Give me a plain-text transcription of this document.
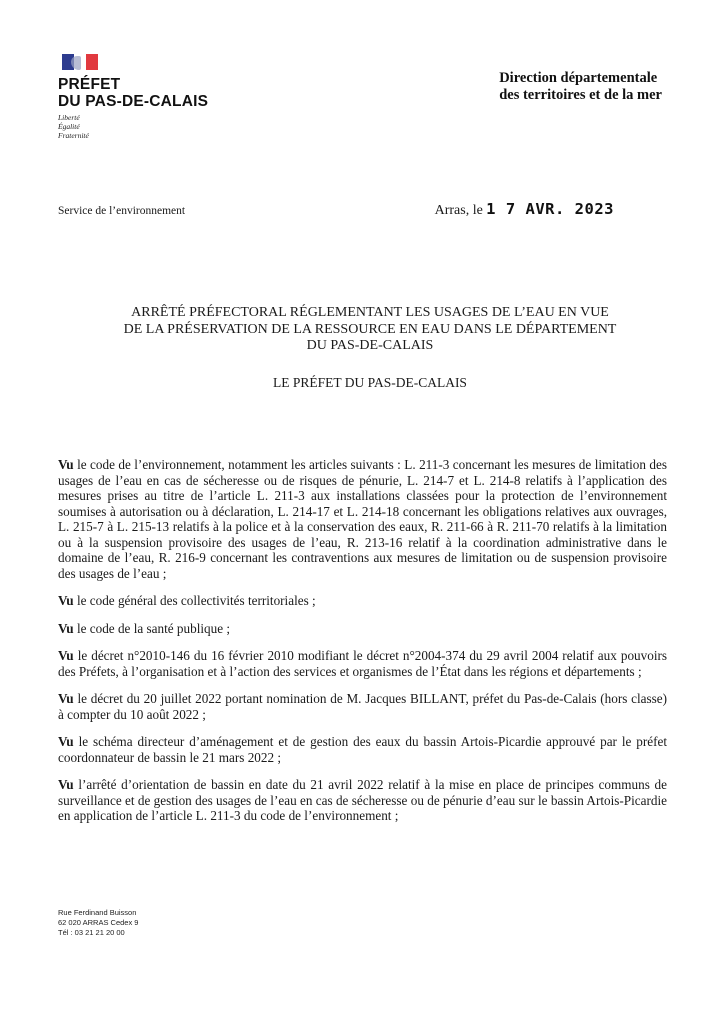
PRÉFET
DU PAS-DE-CALAIS
Liberté
Égalité
Fraternité
Direction départementale
des territoires et de la mer
Service de l’environnement	Arras, le 1 7 AVR. 2023
ARRÊTÉ PRÉFECTORAL RÉGLEMENTANT LES USAGES DE L’EAU EN VUE
DE LA PRÉSERVATION DE LA RESSOURCE EN EAU DANS LE DÉPARTEMENT
DU PAS-DE-CALAIS
LE PRÉFET DU PAS-DE-CALAIS

Vu le code de l’environnement, notamment les articles suivants : L. 211-3 concernant les mesures de limitation des usages de l’eau en cas de sécheresse ou de risques de pénurie, L. 214-7 et L. 214-8 relatifs à l’application des mesures prises au titre de l’article L. 211-3 aux installations classées pour la protection de l’environnement soumises à autorisation ou à déclaration, L. 214-17 et L. 214-18 concernant les obligations relatives aux ouvrages, L. 215-7 à L. 215-13 relatifs à la police et à la conservation des eaux, R. 211-66 à R. 211-70 relatifs à la limitation ou à la suspension provisoire des usages de l’eau, R. 213-16 relatif à la coordination administrative dans le domaine de l’eau, R. 216-9 concernant les contraventions aux mesures de limitation ou de suspension provisoire des usages de l’eau ;

Vu le code général des collectivités territoriales ;

Vu le code de la santé publique ;

Vu le décret n°2010-146 du 16 février 2010 modifiant le décret n°2004-374 du 29 avril 2004 relatif aux pouvoirs des Préfets, à l’organisation et à l’action des services et organismes de l’État dans les régions et départements ;

Vu le décret du 20 juillet 2022 portant nomination de M. Jacques BILLANT, préfet du Pas-de-Calais (hors classe) à compter du 10 août 2022 ;

Vu le schéma directeur d’aménagement et de gestion des eaux du bassin Artois-Picardie approuvé par le préfet coordonnateur de bassin le 21 mars 2022 ;

Vu l’arrêté d’orientation de bassin en date du 21 avril 2022 relatif à la mise en place de principes communs de surveillance et de gestion des usages de l’eau en cas de sécheresse ou de pénurie d’eau sur le bassin Artois-Picardie en application de l’article L. 211-3 du code de l’environnement ;

Rue Ferdinand Buisson
62 020 ARRAS Cedex 9
Tél : 03 21 21 20 00
